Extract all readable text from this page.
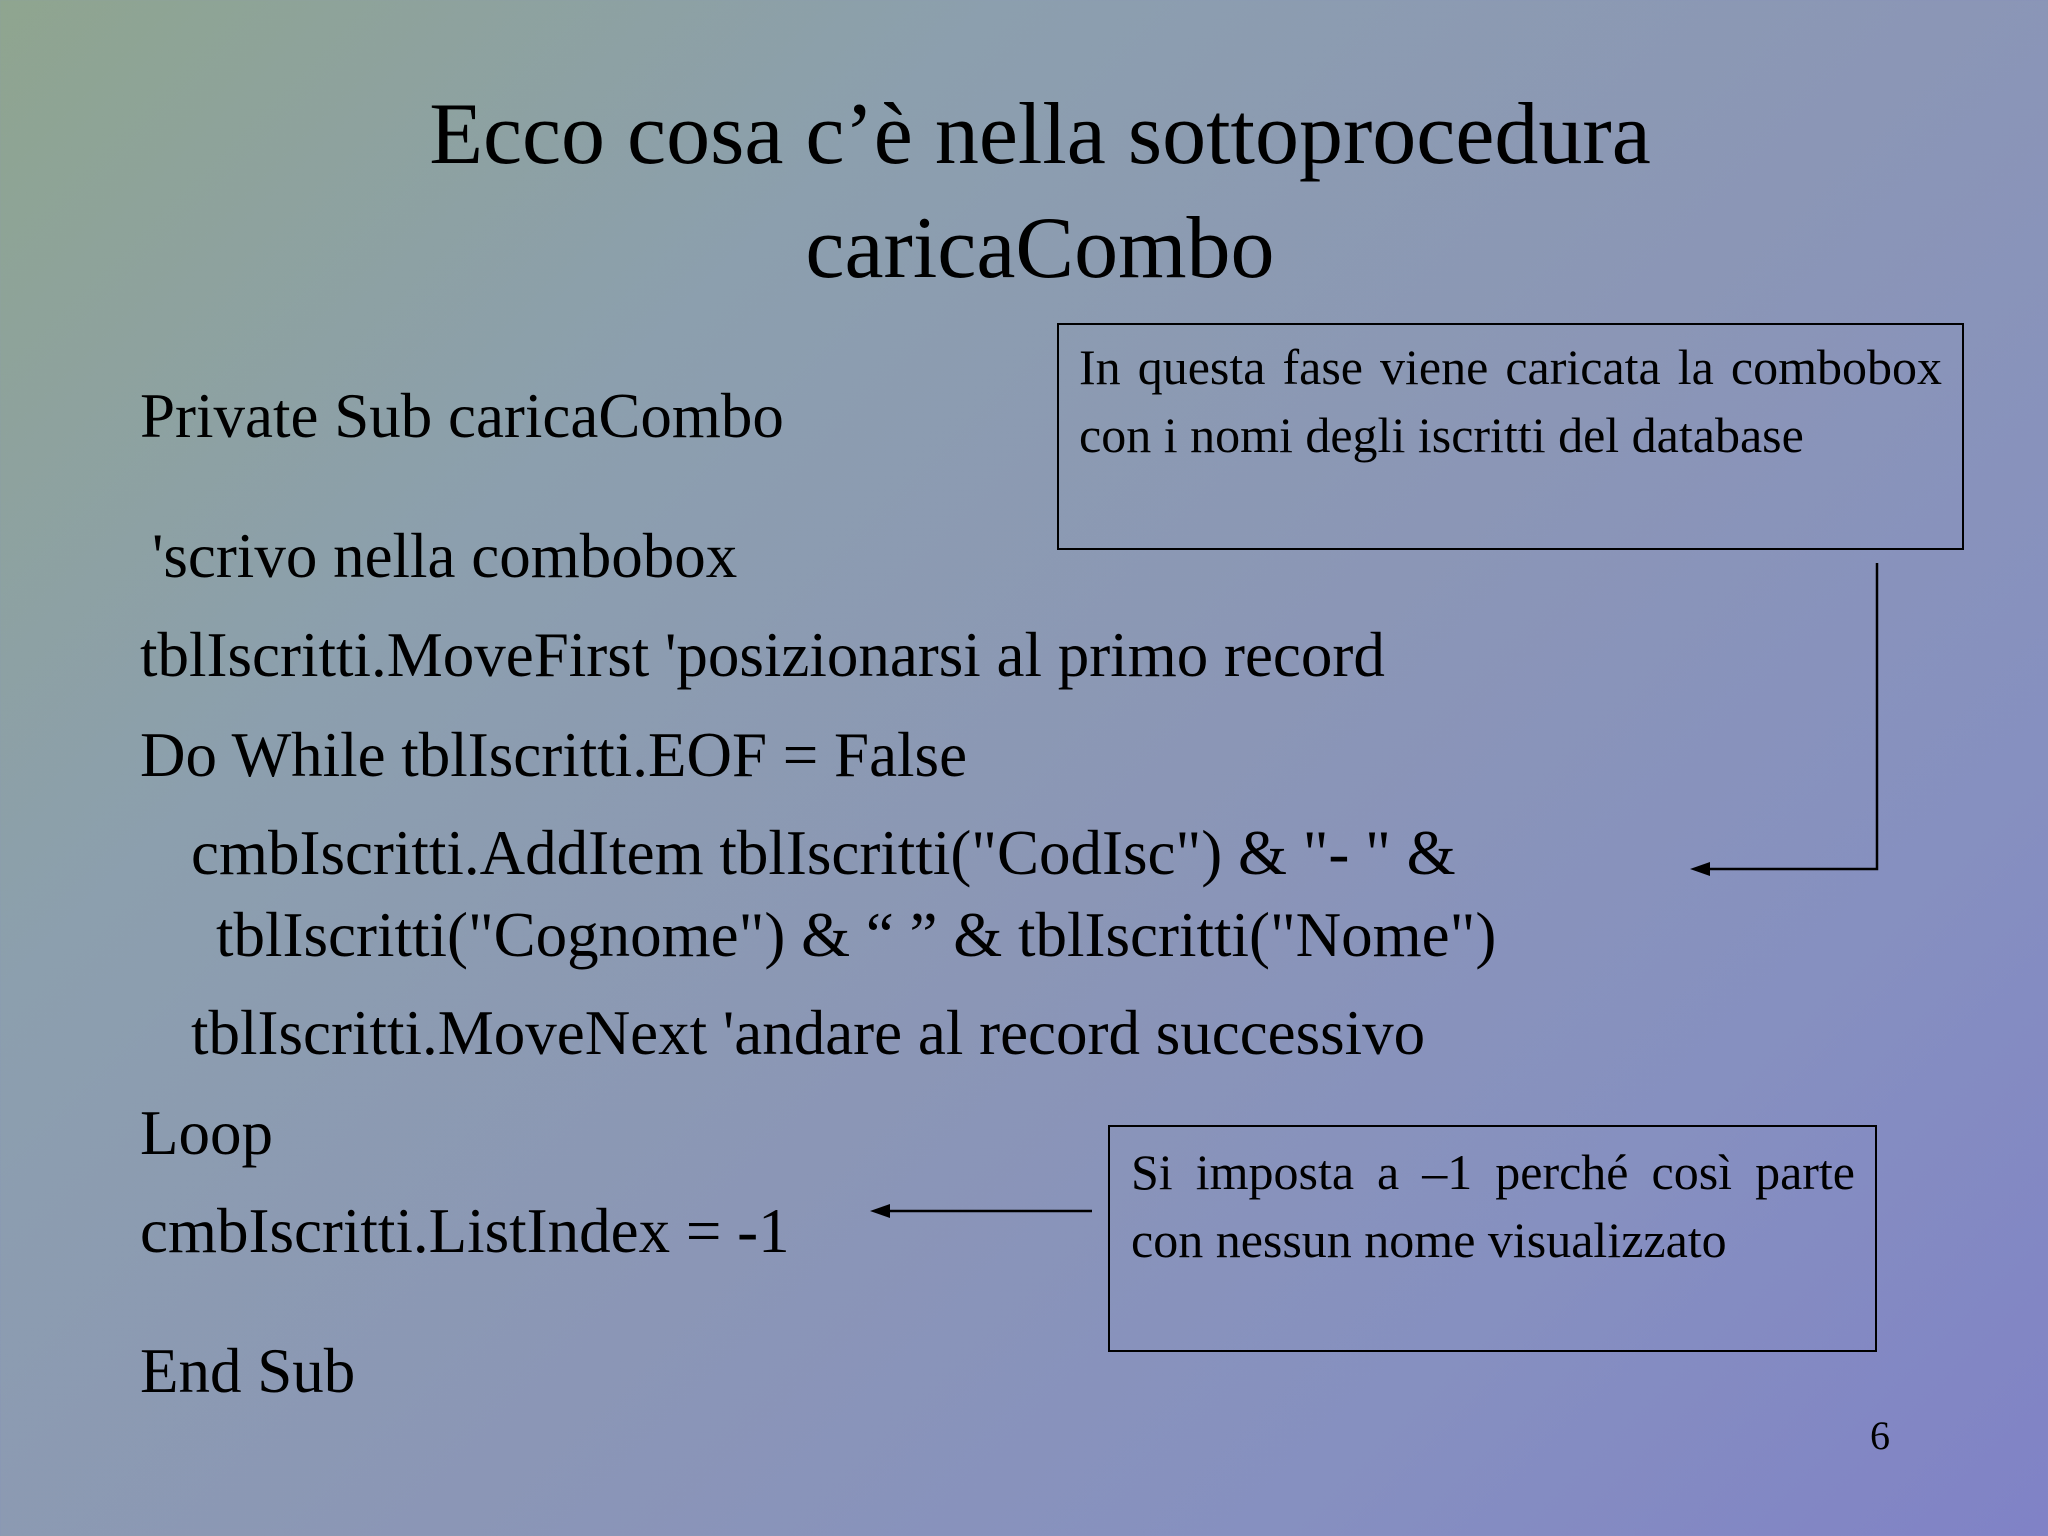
Ecco cosa c’è nella sottoprocedura
caricaCombo
Private Sub caricaCombo
'scrivo nella combobox
tblIscritti.MoveFirst 'posizionarsi al primo record
Do While tblIscritti.EOF = False
cmbIscritti.AddItem tblIscritti("CodIsc") & "- " &
tblIscritti("Cognome") & “ ” & tblIscritti("Nome")
tblIscritti.MoveNext 'andare al record successivo
Loop
cmbIscritti.ListIndex = -1
End Sub
In questa fase viene caricata la combobox con i nomi degli iscritti del database
Si imposta a –1 perché così parte con nessun nome visualizzato
6
